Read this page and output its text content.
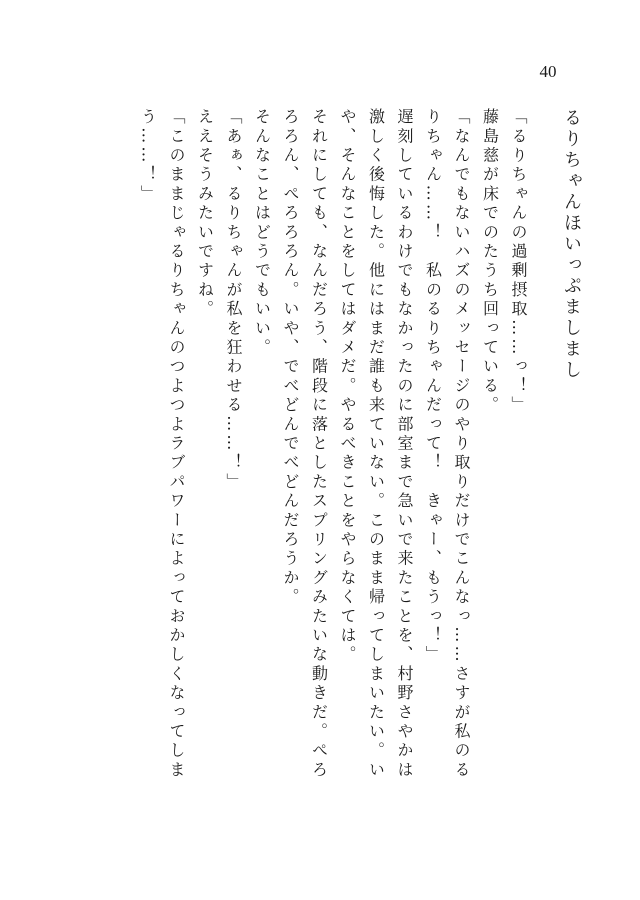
40
るりちゃんほいっぷましまし

「るりちゃんの過剰摂取……っ！」

藤島慈が床でのたうち回っている。

「なんでもないハズのメッセージのやり取りだけでこんなっ……さすが私のるりちゃん……！　私のるりちゃんだって！　きゃー、もうっ！」

遅刻しているわけでもなかったのに部室まで急いで来たことを、村野さやかは激しく後悔した。他にはまだ誰も来ていない。このまま帰ってしまいたい。いや、そんなことをしてはダメだ。やるべきことをやらなくては。

それにしても、なんだろう、階段に落としたスプリングみたいな動きだ。ぺろろろん、ぺろろろん。いや、でべどんでべどんだろうか。

そんなことはどうでもいい。

「あぁ、るりちゃんが私を狂わせる……！」

ええそうみたいですね。

「このままじゃるりちゃんのつよつよラブパワーによっておかしくなってしまう……！」
